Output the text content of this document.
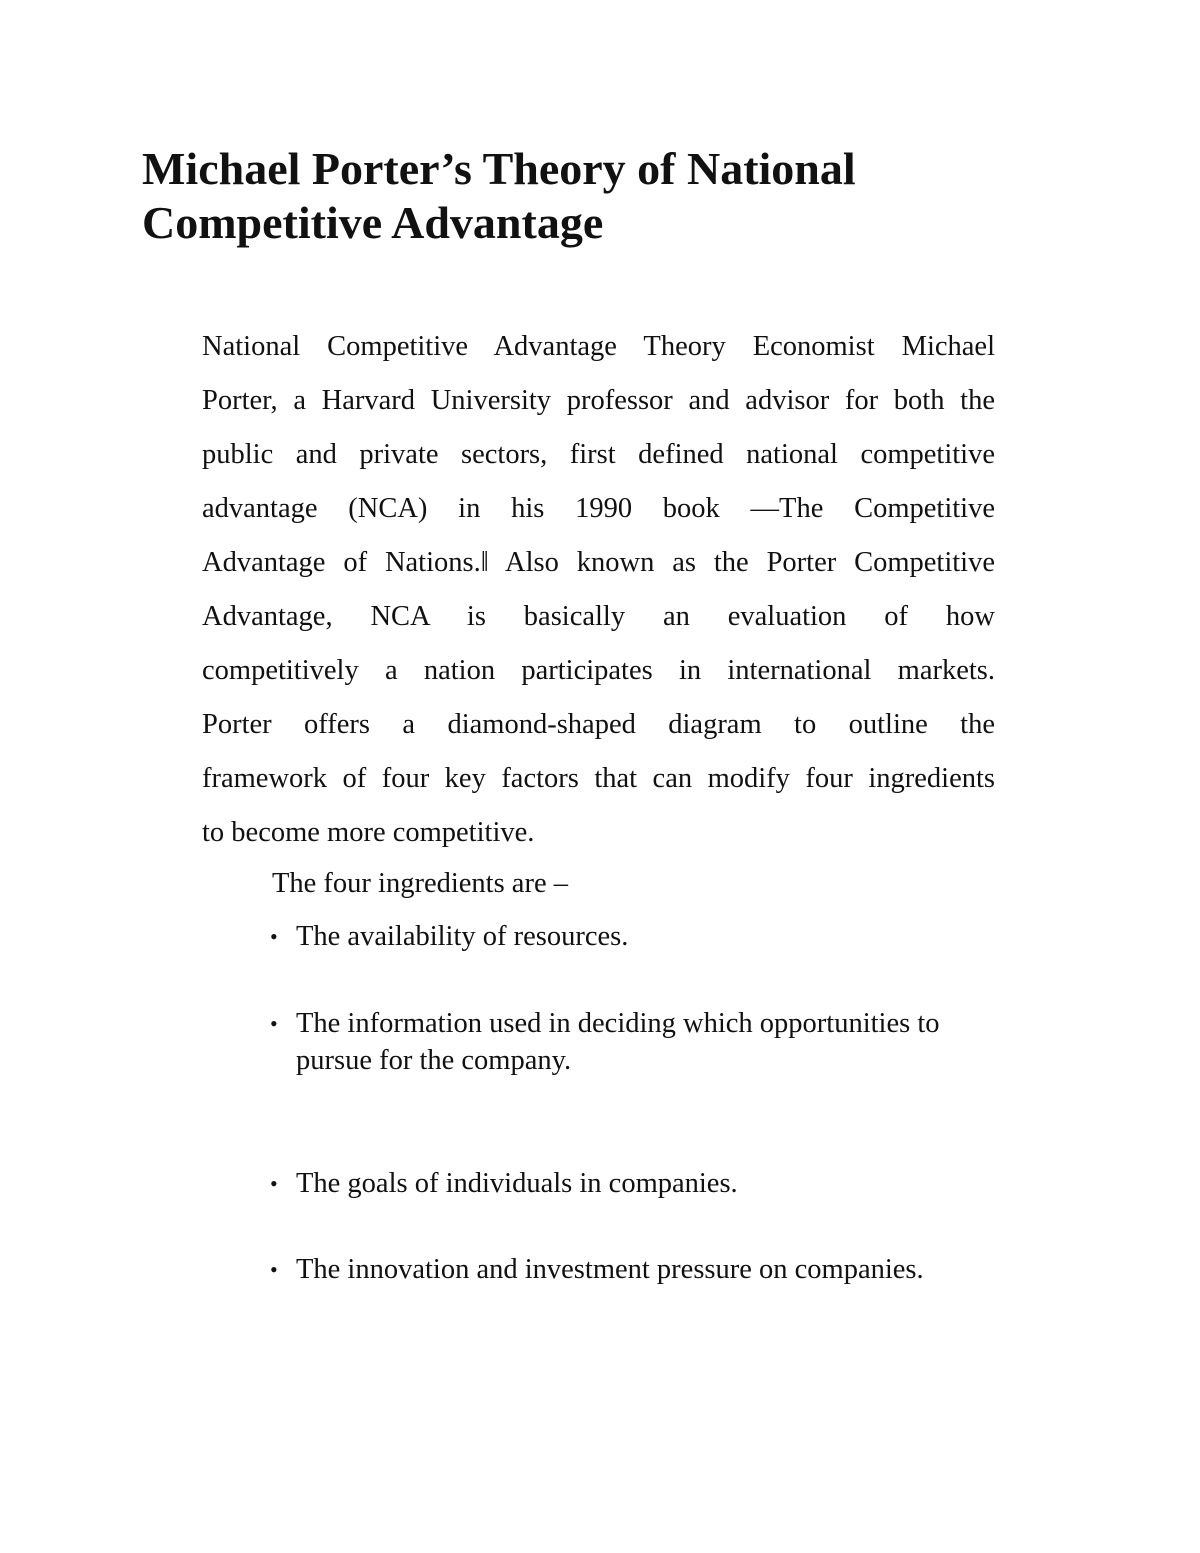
Michael Porter’s Theory of National
Competitive Advantage

National Competitive Advantage Theory Economist Michael
Porter, a Harvard University professor and advisor for both the
public and private sectors, first defined national competitive
advantage (NCA) in his 1990 book ―The Competitive
Advantage of Nations.‖ Also known as the Porter Competitive
Advantage, NCA is basically an evaluation of how
competitively a nation participates in international markets.
Porter offers a diamond-shaped diagram to outline the
framework of four key factors that can modify four ingredients
to become more competitive.

The four ingredients are –

• The availability of resources.
• The information used in deciding which opportunities to
pursue for the company.
• The goals of individuals in companies.
• The innovation and investment pressure on companies.
